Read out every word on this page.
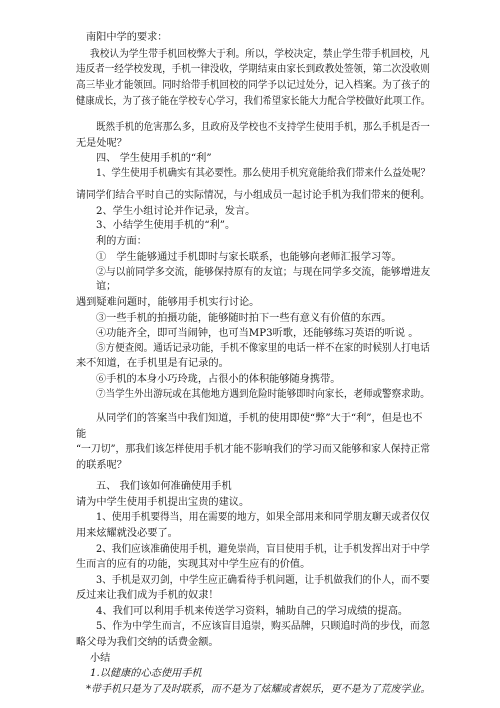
南阳中学的要求：
我校认为学生带手机回校弊大于利。所以，学校决定，禁止学生带手机回校，凡
违反者一经学校发现，手机一律没收，学期结束由家长到政教处签领，第二次没收则
高三毕业才能领回。同时给带手机回校的同学予以记过处分，记入档案。为了孩子的
健康成长，为了孩子能在学校专心学习，我们希望家长能大力配合学校做好此项工作。
既然手机的危害那么多，且政府及学校也不支持学生使用手机，那么手机是否一
无是处呢？
四、 学生使用手机的“利”
1、学生使用手机确实有其必要性。那么使用手机究竟能给我们带来什么益处呢？
请同学们结合平时自己的实际情况，与小组成员一起讨论手机为我们带来的便利。
2、学生小组讨论并作记录，发言。
3、小结学生使用手机的“利”。
利的方面：
①　学生能够通过手机即时与家长联系，也能够向老师汇报学习等。
②与以前同学多交流，能够保持原有的友谊；与现在同学多交流，能够增进友
谊；
遇到疑难问题时，能够用手机实行讨论。
③一些手机的拍摄功能，能够随时拍下一些有意义有价值的东西。
④功能齐全，即可当闹钟，也可当MP3听歌，还能够练习英语的听说 。
⑤方便查阅。通话记录功能，手机不像家里的电话一样不在家的时候别人打电话
来不知道，在手机里是有记录的。
⑥手机的本身小巧玲珑，占很小的体积能够随身携带。
⑦当学生外出游玩或在其他地方遇到危险时能够即时向家长，老师或警察求助。
从同学们的答案当中我们知道，手机的使用即使“弊”大于“利”，但是也不
能
“一刀切”，那我们该怎样使用手机才能不影响我们的学习而又能够和家人保持正常
的联系呢？
五、 我们该如何准确使用手机
请为中学生使用手机提出宝贵的建议。
1、使用手机要得当，用在需要的地方，如果全部用来和同学朋友聊天或者仅仅
用来炫耀就没必要了。
2、我们应该准确使用手机，避免崇尚，盲目使用手机，让手机发挥出对于中学
生而言的应有的功能，实现其对中学生应有的价值。
3、手机是双刃剑，中学生应正确看待手机问题，让手机做我们的仆人，而不要
反过来让我们成为手机的奴隶！
4、我们可以利用手机来传送学习资料，辅助自己的学习成绩的提高。
5、作为中学生而言，不应该盲目追崇，购买品牌，只顾追时尚的步伐，而忽
略父母为我们交纳的话费金额。
小结
1.以健康的心态使用手机
*带手机只是为了及时联系，而不是为了炫耀或者娱乐，更不是为了荒废学业。
